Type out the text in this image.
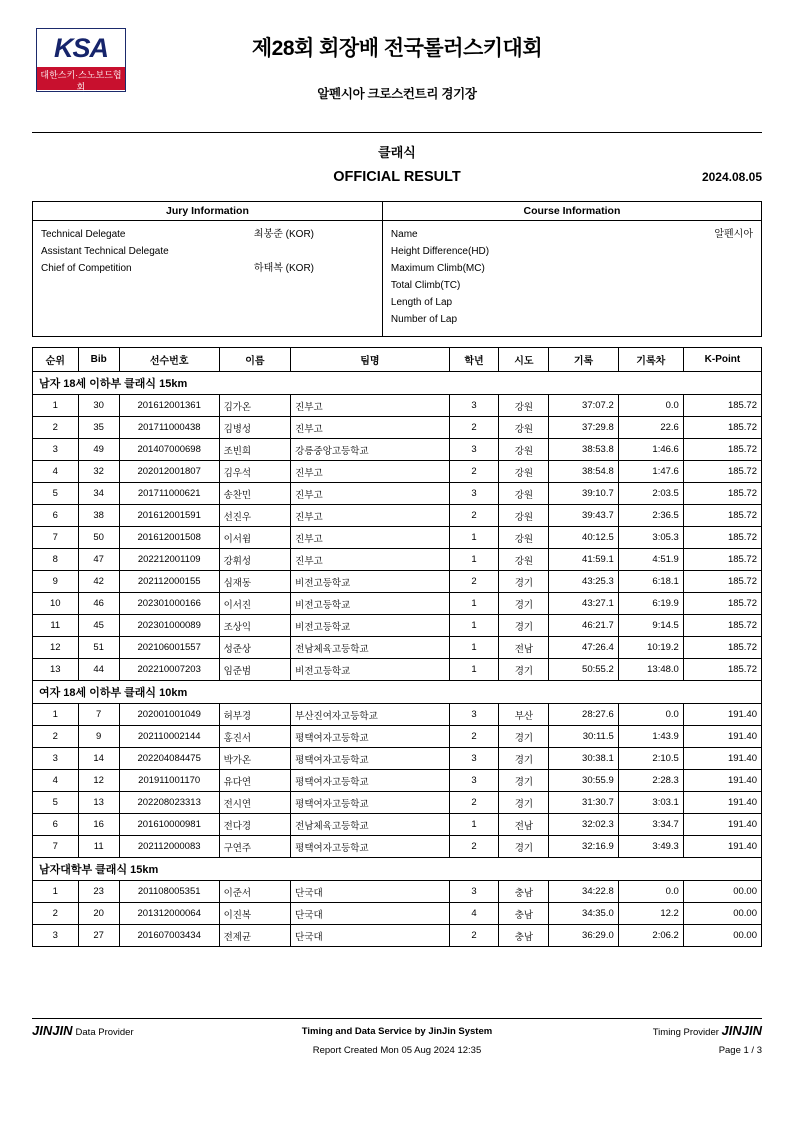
KSA
대한스키·스노보드협회
KOREA SKI & SNOWBOARD ASSOCIATION
제28회 회장배 전국롤러스키대회
알펜시아 크로스컨트리 경기장
클래식
OFFICIAL RESULT	2024.08.05
Jury Information
Technical Delegate	최봉준 (KOR)
Assistant Technical Delegate
Chief of Competition	하태복 (KOR)
Course Information
Name	알펜시아
Height Difference(HD)
Maximum Climb(MC)
Total Climb(TC)
Length of Lap
Number of Lap
순위	Bib	선수번호	이름	팀명	학년	시도	기록	기록차	K-Point
남자 18세 이하부 클래식 15km									
1	30	201612001361	김가온	진부고	3	강원	37:07.2	0.0	185.72
2	35	201711000438	김병성	진부고	2	강원	37:29.8	22.6	185.72
3	49	201407000698	조빈희	강릉중앙고등학교	3	강원	38:53.8	1:46.6	185.72
4	32	202012001807	김우석	진부고	2	강원	38:54.8	1:47.6	185.72
5	34	201711000621	송찬민	진부고	3	강원	39:10.7	2:03.5	185.72
6	38	201612001591	선진우	진부고	2	강원	39:43.7	2:36.5	185.72
7	50	201612001508	이서윔	진부고	1	강원	40:12.5	3:05.3	185.72
8	47	202212001109	강휘성	진부고	1	강원	41:59.1	4:51.9	185.72
9	42	202112000155	심재동	비전고등학교	2	경기	43:25.3	6:18.1	185.72
10	46	202301000166	이서진	비전고등학교	1	경기	43:27.1	6:19.9	185.72
11	45	202301000089	조상익	비전고등학교	1	경기	46:21.7	9:14.5	185.72
12	51	202106001557	성준상	전남체육고등학교	1	전남	47:26.4	10:19.2	185.72
13	44	202210007203	임준범	비전고등학교	1	경기	50:55.2	13:48.0	185.72
여자 18세 이하부 클래식 10km									
1	7	202001001049	허부경	부산진여자고등학교	3	부산	28:27.6	0.0	191.40
2	9	202110002144	홍진서	평택여자고등학교	2	경기	30:11.5	1:43.9	191.40
3	14	202204084475	박가온	평택여자고등학교	3	경기	30:38.1	2:10.5	191.40
4	12	201911001170	유다연	평택여자고등학교	3	경기	30:55.9	2:28.3	191.40
5	13	202208023313	전시연	평택여자고등학교	2	경기	31:30.7	3:03.1	191.40
6	16	201610000981	전다경	전남체육고등학교	1	전남	32:02.3	3:34.7	191.40
7	11	202112000083	구연주	평택여자고등학교	2	경기	32:16.9	3:49.3	191.40
남자대학부 클래식 15km									
1	23	201108005351	이준서	단국대	3	충남	34:22.8	0.0	00.00
2	20	201312000064	이진복	단국대	4	충남	34:35.0	12.2	00.00
3	27	201607003434	전제균	단국대	2	충남	36:29.0	2:06.2	00.00
JINJIN Data Provider	Timing and Data Service by JinJin System	Timing Provider JINJIN
Report Created Mon 05 Aug 2024 12:35	Page 1 / 3
